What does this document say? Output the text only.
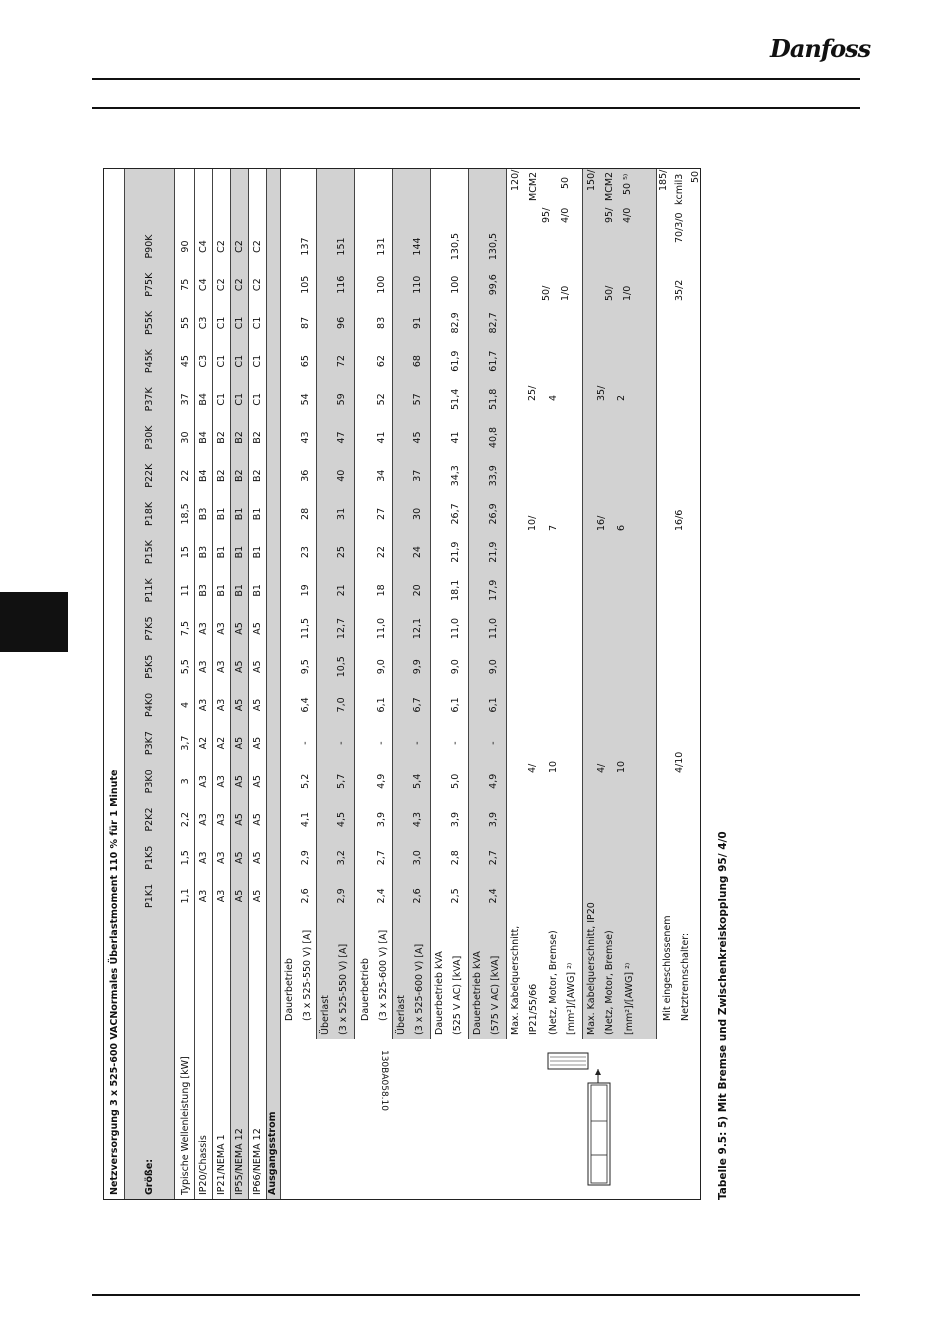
Danfoss
Netzversorgung 3 x 525-600 VACNormales Überlastmoment 110 % für 1 Minute	Größe:
P1K1
P1K5
P2K2
P3K0
P3K7
P4K0
P5K5
P7K5
P11K
P15K
P18K
P22K
P30K
P37K
P45K
P55K
P75K
P90K
Typische Wellenleistung [kW] IP20/Chassis IP21/NEMA 1 IP55/NEMA 12 IP66/NEMA 12 Ausgangsstrom
1,1
1,5
2,2
3
3,7
4
5,5
7,5
11
15
18,5
22
30
37
45
55
75
90
A3
A3
A3
A3
A2
A3
A3
A3
B3
B3
B3
B4
B4
B4
C3
C3
C4
C4
A3
A3
A3
A3
A2
A3
A3
A3
B1
B1
B1
B2
B2
C1
C1
C1
C2
C2
A5
A5
A5
A5
A5
A5
A5
A5
B1
B1
B1
B2
B2
C1
C1
C1
C2
C2
A5
A5
A5
A5
A5
A5
A5
A5
B1
B1
B1
B2
B2
C1
C1
C1
C2
C2
2,6
2,9
4,1
5,2
-
6,4
9,5
11,5
19
23
28
36
43
54
65
87
105
137
2,9
3,2
4,5
5,7
-
7,0
10,5
12,7
21
25
31
40
47
59
72
96
116
151
2,4
2,7
3,9
4,9
-
6,1
9,0
11,0
18
22
27
34
41
52
62
83
100
131
2,6
3,0
4,3
5,4
-
6,7
9,9
12,1
20
24
30
37
45
57
68
91
110
144
2,5
2,8
3,9
5,0
-
6,1
9,0
11,0
18,1
21,9
26,7
34,3
41
51,4
61,9
82,9
100
130,5
2,4
2,7
3,9
4,9
-
6,1
9,0
11,0
17,9
21,9
26,9
33,9
40,8
51,8
61,7
82,7
99,6
130,5
Dauerbetrieb (3 x 525-550 V) [A] Überlast (3 x 525-550 V) [A] Dauerbetrieb (3 x 525-600 V) [A] Überlast (3 x 525-600 V) [A] Dauerbetrieb kVA (525 V AC) [kVA] Dauerbetrieb kVA (575 V AC) [kVA] Max. Kabelquerschnitt, IP21/55/66 (Netz, Motor, Bremse) [mm²]/[AWG] ²⁾
4/ 10
10/ 7
25/ 4
50/ 1/0
95/ 4/0
120/ MCM2 50
Max. Kabelquerschnitt, IP20 (Netz, Motor, Bremse) [mm²]/[AWG] ²⁾
4/ 10
16/ 6
35/ 2
50/ 1/0
95/ 4/0
150/ MCM2 50 ⁵⁾
Mit eingeschlossenem Netztrennschalter:
4/10
16/6
35/2
70/3/0
185/ kcmil3 50
130BA058.10	Tabelle 9.5: 5) Mit Bremse und Zwischenkreiskopplung 95/ 4/0
